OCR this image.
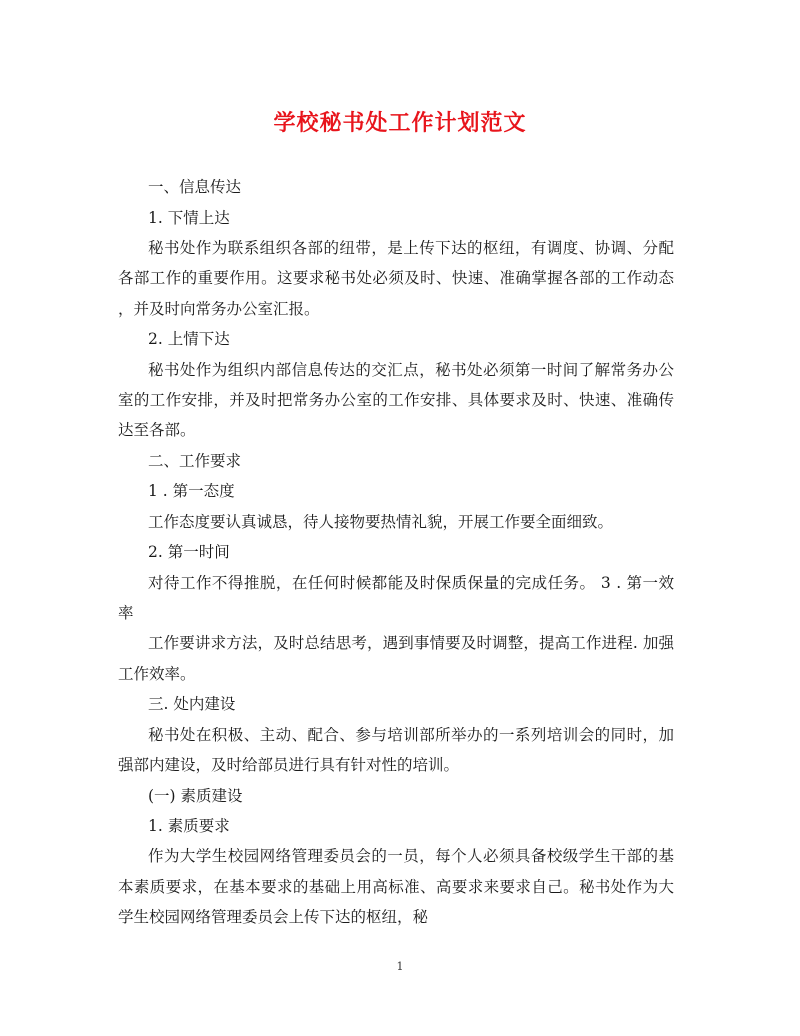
学校秘书处工作计划范文
一、信息传达
1. 下情上达
秘书处作为联系组织各部的纽带，是上传下达的枢纽，有调度、协调、分配
各部工作的重要作用。这要求秘书处必须及时、快速、准确掌握各部的工作动态
，并及时向常务办公室汇报。
2. 上情下达
秘书处作为组织内部信息传达的交汇点，秘书处必须第一时间了解常务办公
室的工作安排，并及时把常务办公室的工作安排、具体要求及时、快速、准确传
达至各部。
二、工作要求
1 . 第一态度
工作态度要认真诚恳，待人接物要热情礼貌，开展工作要全面细致。
2. 第一时间
对待工作不得推脱，在任何时候都能及时保质保量的完成任务。 3 . 第一效
率
工作要讲求方法，及时总结思考，遇到事情要及时调整，提高工作进程. 加强
工作效率。
三. 处内建设
秘书处在积极、主动、配合、参与培训部所举办的一系列培训会的同时，加
强部内建设，及时给部员进行具有针对性的培训。
(一) 素质建设
1. 素质要求
作为大学生校园网络管理委员会的一员，每个人必须具备校级学生干部的基
本素质要求，在基本要求的基础上用高标准、高要求来要求自己。秘书处作为大
学生校园网络管理委员会上传下达的枢纽，秘
1
